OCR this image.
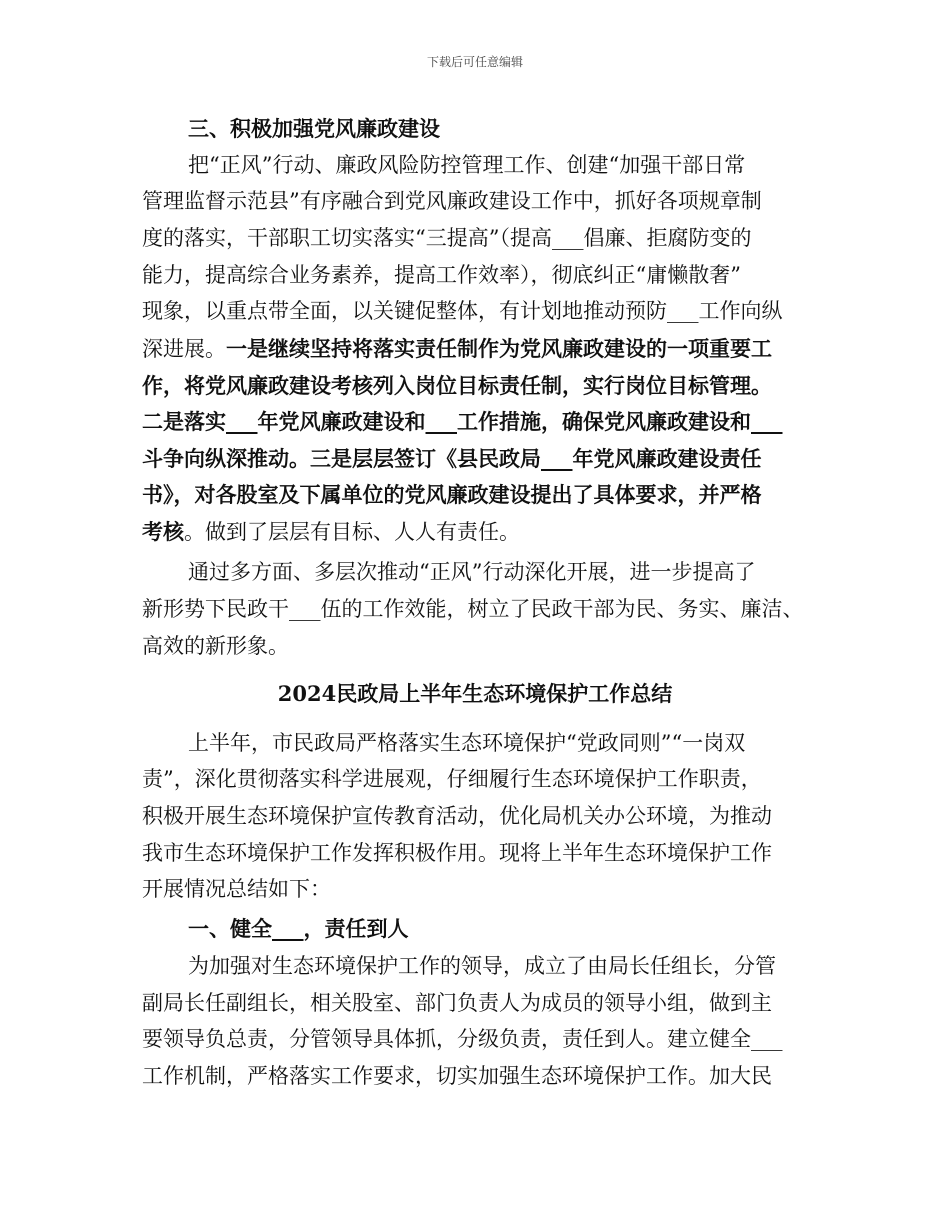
下载后可任意编辑
三、积极加强党风廉政建设
把“正风”行动、廉政风险防控管理工作、创建“加强干部日常
管理监督示范县”有序融合到党风廉政建设工作中，抓好各项规章制
度的落实，干部职工切实落实“三提高”（提高___倡廉、拒腐防变的
能力，提高综合业务素养，提高工作效率），彻底纠正“庸懒散奢”
现象，以重点带全面，以关键促整体，有计划地推动预防___工作向纵
深进展。一是继续坚持将落实责任制作为党风廉政建设的一项重要工
作，将党风廉政建设考核列入岗位目标责任制，实行岗位目标管理。
二是落实___年党风廉政建设和___工作措施，确保党风廉政建设和___
斗争向纵深推动。三是层层签订《县民政局___年党风廉政建设责任
书》，对各股室及下属单位的党风廉政建设提出了具体要求，并严格
考核。做到了层层有目标、人人有责任。
通过多方面、多层次推动“正风”行动深化开展，进一步提高了
新形势下民政干___伍的工作效能，树立了民政干部为民、务实、廉洁、
高效的新形象。
2024民政局上半年生态环境保护工作总结
上半年，市民政局严格落实生态环境保护“党政同则”“一岗双
责”，深化贯彻落实科学进展观，仔细履行生态环境保护工作职责，
积极开展生态环境保护宣传教育活动，优化局机关办公环境，为推动
我市生态环境保护工作发挥积极作用。现将上半年生态环境保护工作
开展情况总结如下：
一、健全___，责任到人
为加强对生态环境保护工作的领导，成立了由局长任组长，分管
副局长任副组长，相关股室、部门负责人为成员的领导小组，做到主
要领导负总责，分管领导具体抓，分级负责，责任到人。建立健全___
工作机制，严格落实工作要求，切实加强生态环境保护工作。加大民
